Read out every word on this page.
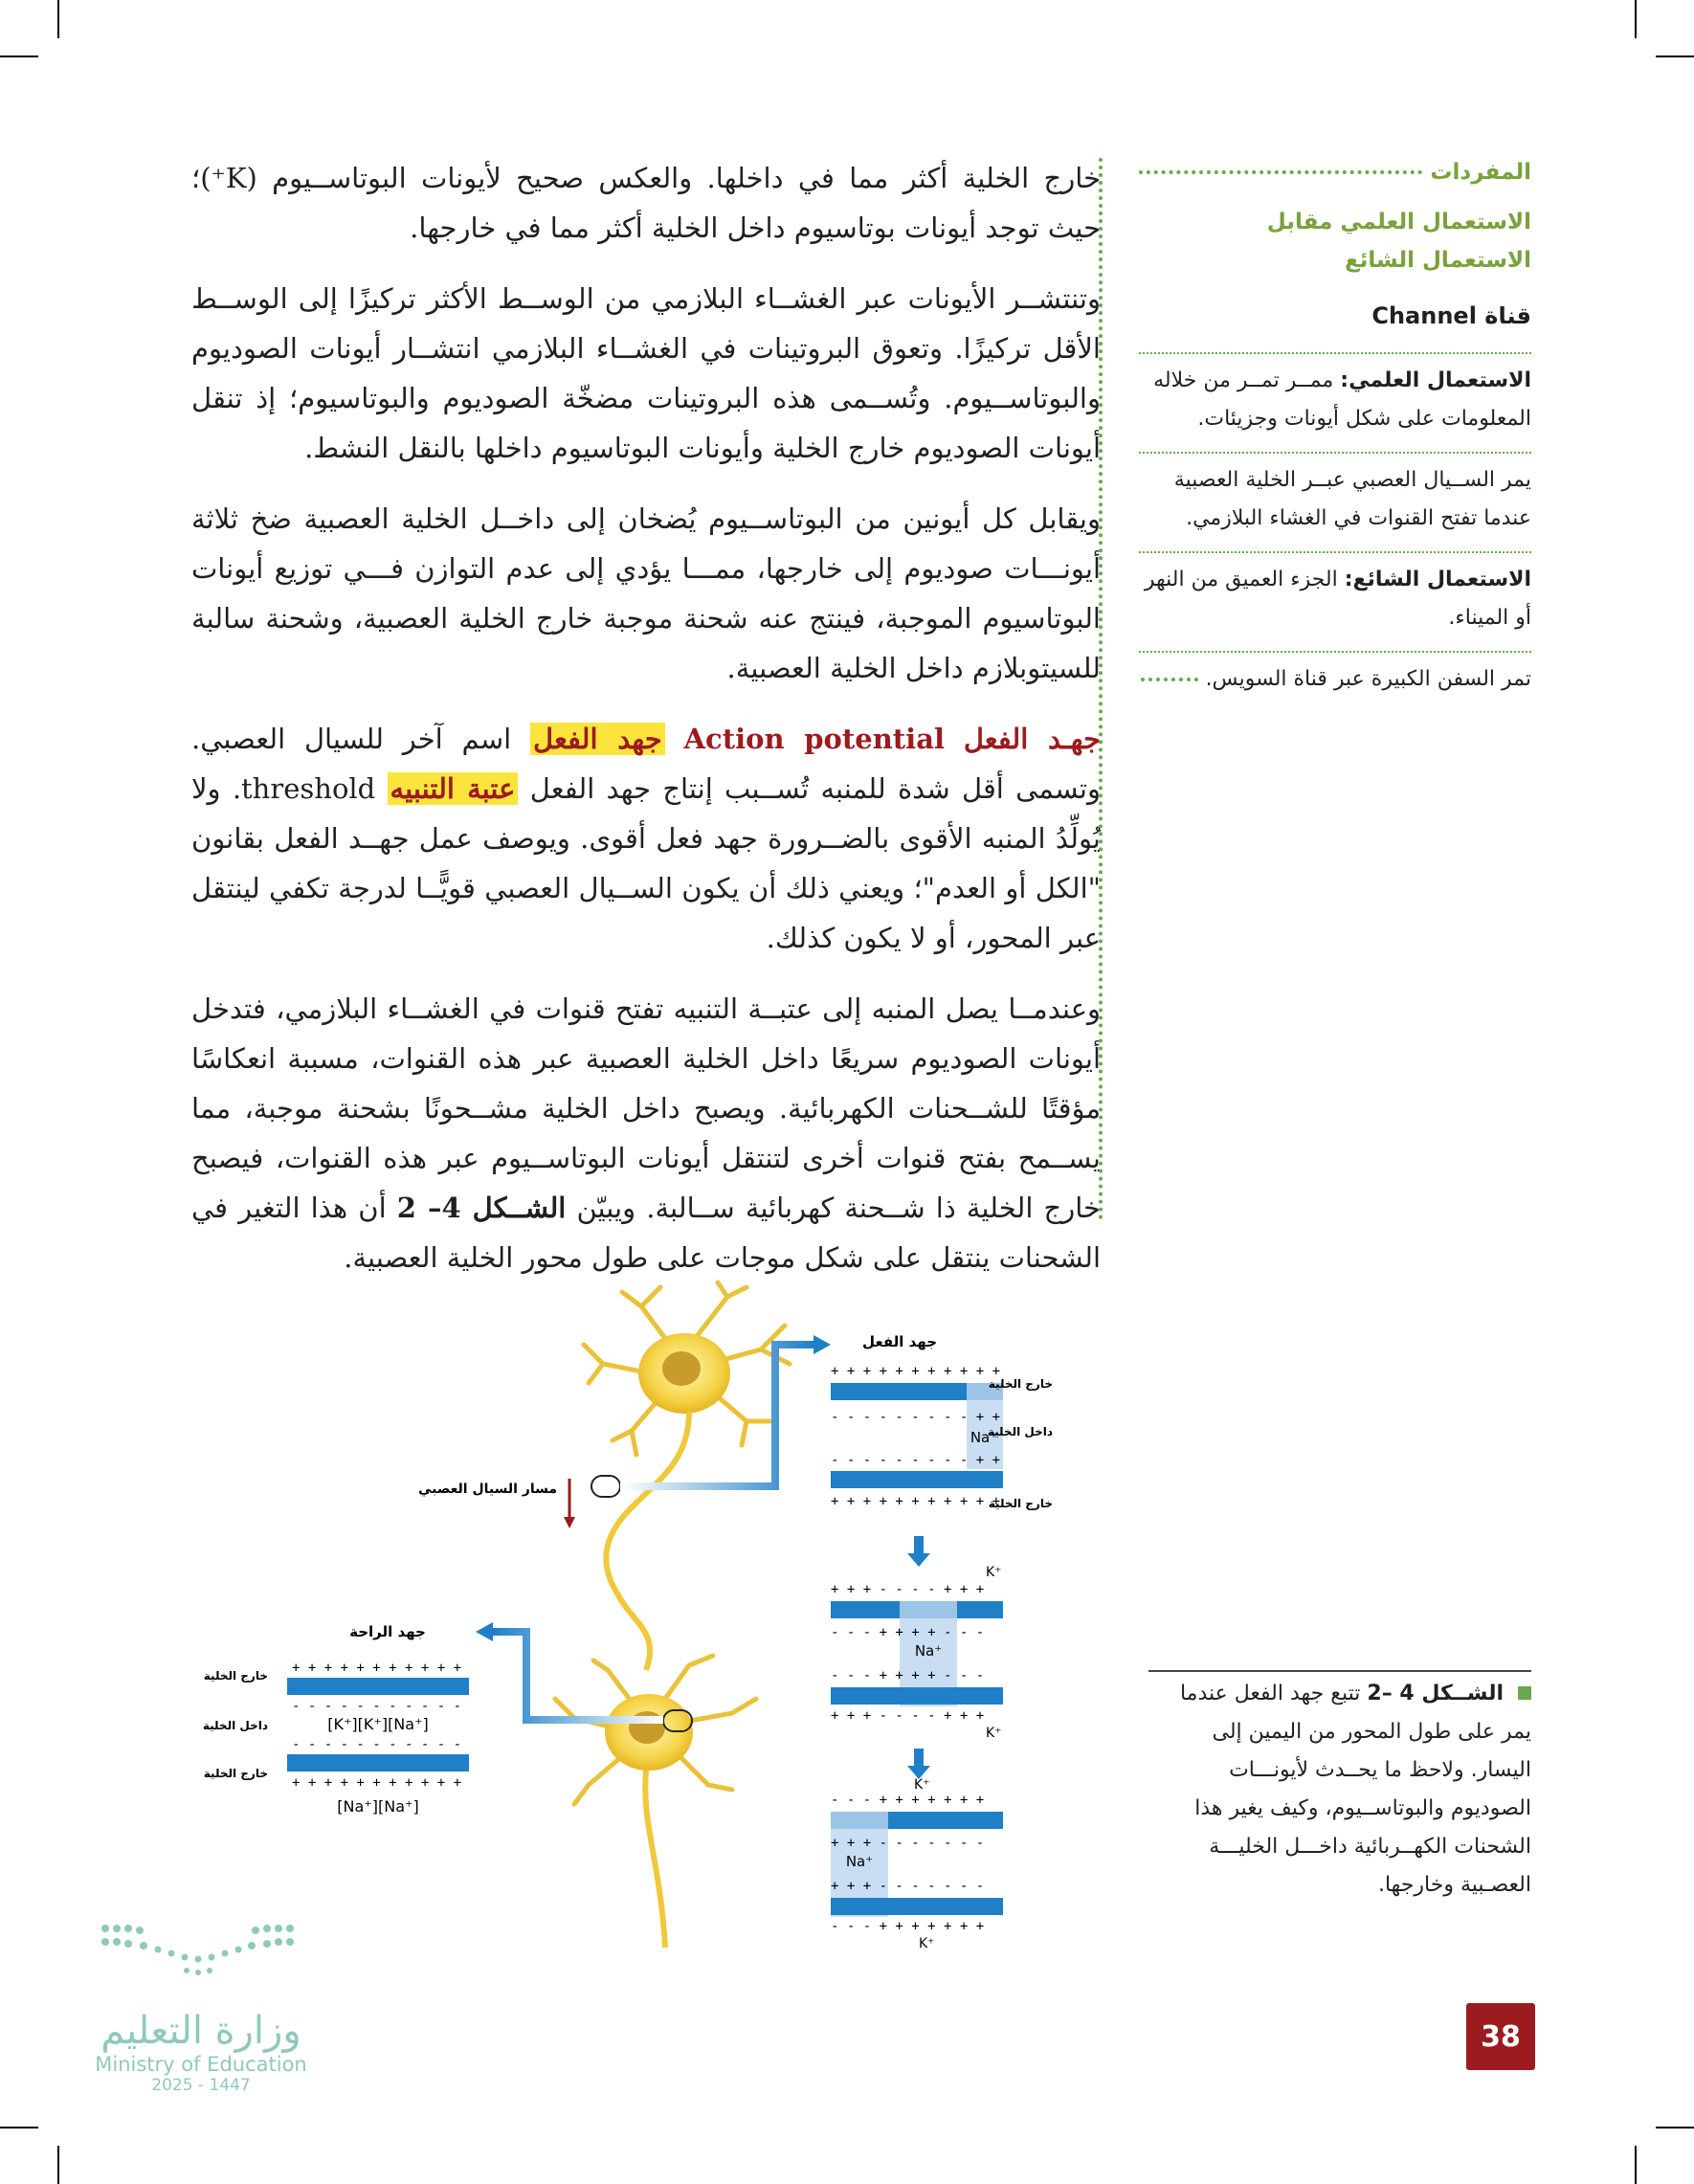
خارج الخلية أكثر مما في داخلها. والعكس صحيح لأيونات البوتاســيوم (K⁺)؛ حيث توجد أيونات بوتاسيوم داخل الخلية أكثر مما في خارجها.

وتنتشــر الأيونات عبر الغشــاء البلازمي من الوســط الأكثر تركيزًا إلى الوســط الأقل تركيزًا. وتعوق البروتينات في الغشــاء البلازمي انتشــار أيونات الصوديوم والبوتاســيوم. وتُســمى هذه البروتينات مضخّة الصوديوم والبوتاسيوم؛ إذ تنقل أيونات الصوديوم خارج الخلية وأيونات البوتاسيوم داخلها بالنقل النشط.

ويقابل كل أيونين من البوتاســيوم يُضخان إلى داخــل الخلية العصبية ضخ ثلاثة أيونـــات صوديوم إلى خارجها، ممـــا يؤدي إلى عدم التوازن فـــي توزيع أيونات البوتاسيوم الموجبة، فينتج عنه شحنة موجبة خارج الخلية العصبية، وشحنة سالبة للسيتوبلازم داخل الخلية العصبية.

جهـد الفعل Action potential جهد الفعل اسم آخر للسيال العصبي. وتسمى أقل شدة للمنبه تُســبب إنتاج جهد الفعل عتبة التنبيه threshold. ولا يُولِّدُ المنبه الأقوى بالضــرورة جهد فعل أقوى. ويوصف عمل جهــد الفعل بقانون "الكل أو العدم"؛ ويعني ذلك أن يكون الســيال العصبي قويًّــا لدرجة تكفي لينتقل عبر المحور، أو لا يكون كذلك.

وعندمــا يصل المنبه إلى عتبــة التنبيه تفتح قنوات في الغشــاء البلازمي، فتدخل أيونات الصوديوم سريعًا داخل الخلية العصبية عبر هذه القنوات، مسببة انعكاسًا مؤقتًا للشــحنات الكهربائية. ويصبح داخل الخلية مشــحونًا بشحنة موجبة، مما يســمح بفتح قنوات أخرى لتنتقل أيونات البوتاســيوم عبر هذه القنوات، فيصبح خارج الخلية ذا شــحنة كهربائية ســالبة. ويبيّن الشــكل 4– 2 أن هذا التغير في الشحنات ينتقل على شكل موجات على طول محور الخلية العصبية.

المفردات
الاستعمال العلمي مقابل
الاستعمال الشائع
قناة Channel
الاستعمال العلمي: ممــر تمــر من خلاله المعلومات على شكل أيونات وجزيئات.
يمر الســيال العصبي عبــر الخلية العصبية عندما تفتح القنوات في الغشاء البلازمي.
الاستعمال الشائع: الجزء العميق من النهر أو الميناء.
تمر السفن الكبيرة عبر قناة السويس.
مسار السيال العصبي
جهد الفعل
+ + + + + + + + + + +
- - - - - - - - - + +
Na⁺
- - - - - - - - - + +
+ + + + + + + + + + +
خارج الخلية
داخل الخلية
خارج الخلية
K⁺
+ + + - - - - + + +
- - - + + + + - - -
Na⁺
- - - + + + + - - -
+ + + - - - - + + +
K⁺
K⁺
- - - + + + + + + +
+ + + - - - - - - -
Na⁺
+ + + - - - - - - -
- - - + + + + + + +
K⁺
جهد الراحة
+ + + + + + + + + + +
- - - - - - - - - - -
[K⁺][K⁺][Na⁺]
- - - - - - - - - - -
+ + + + + + + + + + +
[Na⁺][Na⁺]
خارج الخلية
داخل الخلية
خارج الخلية
الشــكل 4 –2 تتبع جهد الفعل عندما يمر على طول المحور من اليمين إلى اليسار. ولاحظ ما يحــدث لأيونـــات الصوديوم والبوتاســيوم، وكيف يغير هذا الشحنات الكهــربائية داخـــل الخليـــة العصـبية وخارجها.
38
وزارة التعليم
Ministry of Education
2025 - 1447
